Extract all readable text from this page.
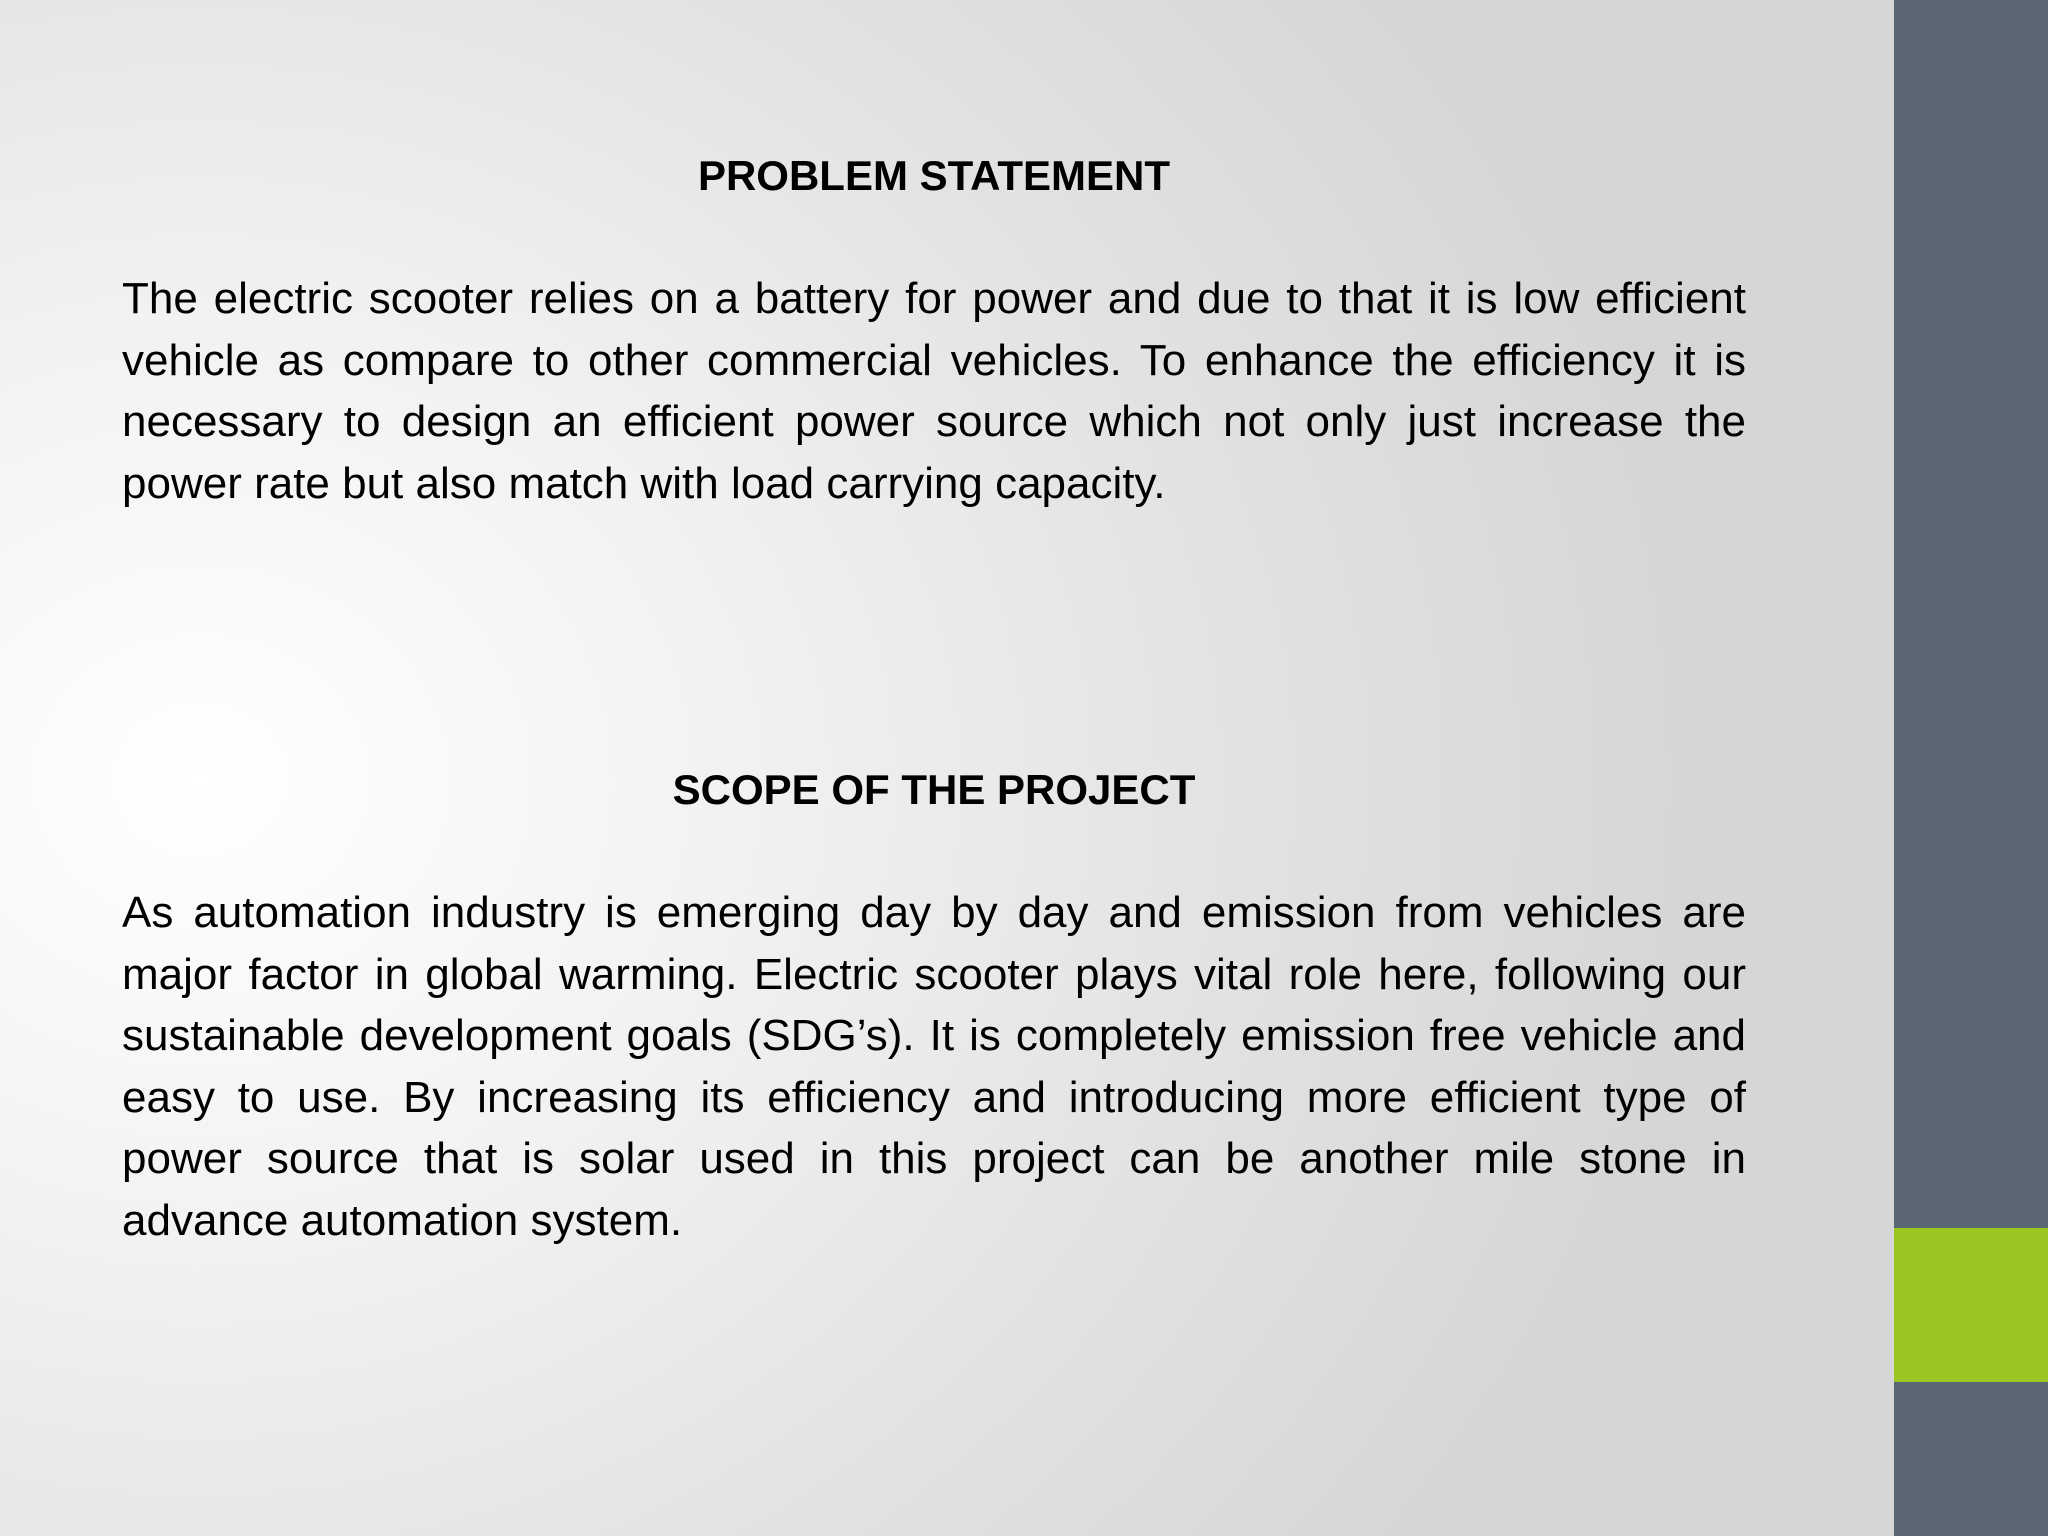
PROBLEM STATEMENT

The electric scooter relies on a battery for power and due to that it is low efficient vehicle as compare to other commercial vehicles. To enhance the efficiency it is necessary to design an efficient power source which not only just increase the power rate but also match with load carrying capacity.

SCOPE OF THE PROJECT

As automation industry is emerging day by day and emission from vehicles are major factor in global warming. Electric scooter plays vital role here, following our sustainable development goals (SDG’s). It is completely emission free vehicle and easy to use. By increasing its efficiency and introducing more efficient type of power source that is solar used in this project can be another mile stone in advance automation system.
